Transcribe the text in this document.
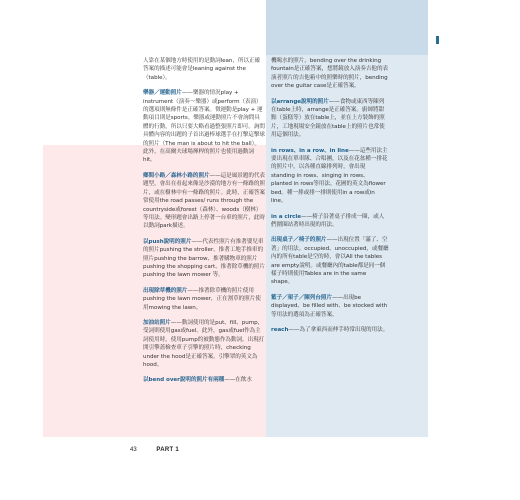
人靠在某個地方時使用的是動詞lean，所以正確答案的描述可能會是leaning against the（table）。

樂器／運動照片——樂器的情況play + instrument（演奏～樂器）或perform（表演）的選項則無條件是正確答案。徵運動是play + 運動項目則是sports。樂器或運動照片不會詢問具體的行動，所以只要大略看過整張照片即可。詢問具體內容的出題的子首出過棒球選手在打擊這擊球的照片（The man is about to hit the ball）。此外，在高爾夫球場揮桿的照片也使用過動詞hit。

鄉間小路／森林小路的照片——這是風景題的代表題型，會出在看起來像是沙漠的地方有一條路的照片，或在樹林中有一條路的照片。此時，正確答案常使用the road passes/ runs through the countryside或forest（森林）、woods（樹林）等用法。變形題會出路上停著一台車的照片，此時以動詞park描述。

以push說明的照片——代表性照片有推著嬰兒車的照片pushing the stroller、推著工地手推車的照片pushing the barrow、推著購物車的照片pushing the shopping cart、推著除草機的照片pushing the lawn mower 等。

出現除草機的照片——推著除草機的照片使用pushing the lawn mower，正在割草的照片使用mowing the lawn。

加油站照片——動詞使用的是put、fill、pump，受詞則使用gas或fuel。此外，gas或fuel作為主詞使用時，使用pump的被動態作為動詞。出現打開引擎蓋檢查車子引擎的照片時，checking under the hood是正確答案。引擎罩的英文為hood。

以bend over說明的照片有兩種——在飲水

機喝水的照片，bending over the drinking fountain是正確答案，想將鏡放入演奏吉他的表演者照片的吉他箱中的照樂時的照片，bending over the guitar case是正確答案。

以arrange說明的照片——食物或東西等陳列在table上時，arrange是正確答案。廚師將甜點（蛋糕等）放在table上，並在上方裝飾的照片，工地現場安全鏡放在table上的照片也常使用這個用法。

in rows、in a row、in line——這些用法主要出現在單車隊、合唱團，以及在花盆種一排花的照片中，以各種直線排列時，會出現standing in rows、singing in rows、planted in rows等用法。花圃的英文為flower bed。種一排或排一排則使用in a row或in line。

in a circle——椅子沿著桌子排成一圈，或人們圍圈站著時出現的用法。

出現桌子／椅子的照片——出現位置「滿了、空著」的用法。occupied、unoccupied，或餐廳內的所有table是空的時，會以All the tables are empty說明。或餐廳內的table都是同一個樣子時則使用Tables are in the same shape。

籃子／架子／陳列台照片——出現be displayed、be filled with、be stocked with等用法的選項為正確答案。

reach——為了拿東西而伸手時常出現的用法。

43	PART 1
